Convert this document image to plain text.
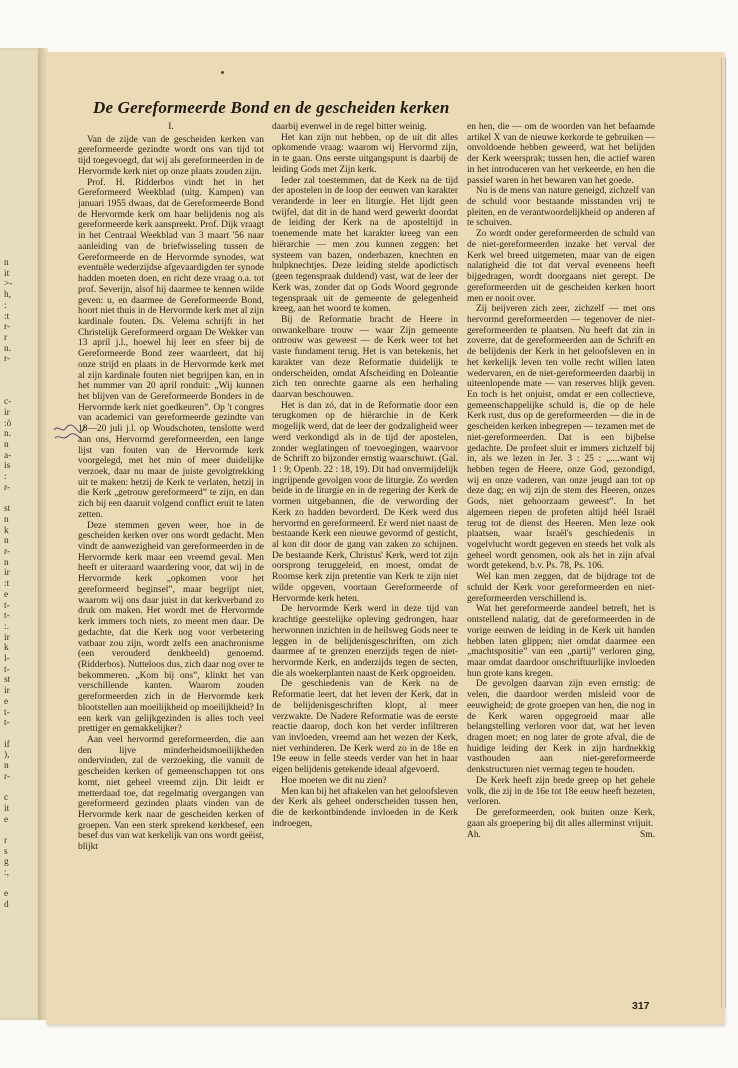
n
it
>-
h,
:
:t
r-
r
n.
r-

c-
ir
:ö
n.
n
a-
is
:
r-

st
n
k
n
r-
n
ir
:t
e
t-
t-
:.
ir
k
l-
t-
st
ir
e
t-
t-

if
),
n
r-

c
it
e

r
s
g
:,

e
d
De Gereformeerde Bond en de gescheiden kerken

I.

Van de zijde van de gescheiden kerken van gereformeerde gezindte wordt ons van tijd tot tijd toegevoegd, dat wij als gereformeerden in de Hervormde kerk niet op onze plaats zouden zijn.

Prof. H. Ridderbos vindt het in het Gereformeerd Weekblad (uitg. Kampen) van januari 1955 dwaas, dat de Gereformeerde Bond de Hervormde kerk om haar belijdenis nog als gereformeerde kerk aanspreekt. Prof. Dijk vraagt in het Centraal Weekblad van 3 maart '56 naar aanleiding van de briefwisseling tussen de Gereformeerde en de Hervormde synodes, wat eventuële wederzijdse afgevaardigden ter synode hadden moeten doen, en richt deze vraag o.a. tot prof. Severijn, alsof hij daarmee te kennen wilde geven: u, en daarmee de Gereformeerde Bond, hoort niet thuis in de Hervormde kerk met al zijn kardinale fouten. Ds. Velema schrijft in het Christelijk Gereformeerd orgaan De Wekker van 13 april j.l., hoewel hij leer en sfeer bij de Gereformeerde Bond zeer waardeert, dat hij onze strijd en plaats in de Hervormde kerk met al zijn kardinale fouten niet begrijpen kan, en in het nummer van 20 april ronduit: „Wij kunnen het blijven van de Gereformeerde Bonders in de Hervormde kerk niet goedkeuren”. Op 't congres van academici van gereformeerde gezindte van 18—20 juli j.l. op Woudschoten, tenslotte werd aan ons, Hervormd gereformeerden, een lange lijst van fouten van de Hervormde kerk voorgelegd, met het min of meer duidelijke verzoek, daar nu maar de juiste gevolgtrekking uit te maken: hetzij de Kerk te verlaten, hetzij in die Kerk „getrouw gereformeerd” te zijn, en dan zich bij een daaruit volgend conflict eruit te laten zetten.

Deze stemmen geven weer, hoe in de gescheiden kerken over ons wordt gedacht. Men vindt de aanwezigheid van gereformeerden in de Hervormde kerk maar een vreemd geval. Men heeft er uiteraard waardering voor, dat wij in de Hervormde kerk „opkomen voor het gereformeerd beginsel”, maar begrijpt niet, waarom wij ons daar juist in dat kerkverband zo druk om maken. Het wordt met de Hervormde kerk immers toch niets, zo meent men daar. De gedachte, dat die Kerk nog voor verbetering vatbaar zou zijn, wordt zelfs een anachronisme (een verouderd denkbeeld) genoemd. (Ridderbos). Nutteloos dus, zich daar nog over te bekommeren. „Kom bij ons”, klinkt het van verschillende kanten. Waarom zouden gereformeerden zich in de Hervormde kerk blootstellen aan moeilijkheid op moeilijkheid? In een kerk van gelijkgezinden is alles toch veel prettiger en gemakkelijker?

Aan veel hervormd gereformeerden, die aan den lijve minderheidsmoeilijkheden ondervinden, zal de verzoeking, die vanuit de gescheiden kerken of gemeenschappen tot ons komt, niet geheel vreemd zijn. Dit leidt er metterdaad toe, dat regelmatig overgangen van gereformeerd gezinden plaats vinden van de Hervormde kerk naar de gescheiden kerken of groepen. Van een sterk sprekend kerkbesef, een besef dus van wat kerkelijk van ons wordt geëist, blijkt

daarbij evenwel in de regel bitter weinig.

Het kan zijn nut hebben, op de uit dit alles opkomende vraag: waarom wij Hervormd zijn, in te gaan. Ons eerste uitgangspunt is daarbij de leiding Gods met Zijn kerk.

Ieder zal toestemmen, dat de Kerk na de tijd der apostelen in de loop der eeuwen van karakter veranderde in leer en liturgie. Het lijdt geen twijfel, dat dit in de hand werd gewerkt doordat de leiding der Kerk na de aposteltijd in toenemende mate het karakter kreeg van een hiërarchie — men zou kunnen zeggen: het systeem van bazen, onderbazen, knechten en hulpknechtjes. Deze leiding stelde apodictisch (geen tegenspraak duldend) vast, wat de leer der Kerk was, zonder dat op Gods Woord gegronde tegenspraak uit de gemeente de gelegenheid kreeg, aan het woord te komen.

Bij de Reformatie bracht de Heere in onwankelbare trouw — waar Zijn gemeente ontrouw was geweest — de Kerk weer tot het vaste fundament terug. Het is van betekenis, het karakter van deze Reformatie duidelijk te onderscheiden, omdat Afscheiding en Doleantie zich ten onrechte gaarne als een herhaling daarvan beschouwen.

Het is dan zó, dat in de Reformatie door een terugkomen op de hiërarchie in de Kerk mogelijk werd, dat de leer der godzaligheid weer werd verkondigd als in de tijd der apostelen, zonder weglatingen of toevoegingen, waarvoor de Schrift zo bijzonder ernstig waarschuwt. (Gal. 1 : 9; Openb. 22 : 18, 19). Dit had onvermijdelijk ingrijpende gevolgen voor de liturgie. Zo werden beide in de liturgie en in de regering der Kerk de vormen uitgebannen, die de verwording der Kerk zo hadden bevorderd. De Kerk werd dus hervormd en gereformeerd. Er werd niet naast de bestaande Kerk een nieuwe gevormd of gesticht, al kon dit door de gang van zaken zo schijnen. De bestaande Kerk, Christus' Kerk, werd tot zijn oorsprong teruggeleid, en moest, omdat de Roomse kerk zijn pretentie van Kerk te zijn niet wilde opgeven, voortaan Gereformeerde of Hervormde kerk heten.

De hervormde Kerk werd in deze tijd van krachtige geestelijke opleving gedrongen, haar herwonnen inzichten in de heilsweg Gods neer te leggen in de belijdenisgeschriften, om zich daarmee af te grenzen enerzijds tegen de niet-hervormde Kerk, en anderzijds tegen de secten, die als woekerplanten naast de Kerk opgroeiden.

De geschiedenis van de Kerk na de Reformatie leert, dat het leven der Kerk, dat in de belijdenisgeschriften klopt, al meer verzwakte. De Nadere Reformatie was de eerste reactie daarop, doch kon het verder infiltreren van invloeden, vreemd aan het wezen der Kerk, niet verhinderen. De Kerk werd zo in de 18e en 19e eeuw in felle steeds verder van het in haar eigen belijdenis getekende ideaal afgevoerd.

Hoe moeten we dit nu zien?

Men kan bij het aftakelen van het geloofsleven der Kerk als geheel onderscheiden tussen hen, die de kerkontbindende invloeden in de Kerk indroegen,

en hen, die — om de woorden van het befaamde artikel X van de nieuwe kerkorde te gebruiken — onvoldoende hebben geweerd, wat het belijden der Kerk weersprak; tussen hen, die actief waren in het introduceren van het verkeerde, en hen die passief waren in het bewaren van het goede.

Nu is de mens van nature geneigd, zichzelf van de schuld voor bestaande misstanden vrij te pleiten, en de verantwoordelijkheid op anderen af te schuiven.

Zo wordt onder gereformeerden de schuld van de niet-gereformeerden inzake het verval der Kerk wel breed uitgemeten, maar van de eigen nalatigheid die tot dat verval eveneens heeft bijgedragen, wordt doorgaans niet gerept. De gereformeerden uit de gescheiden kerken hoort men er nooit over.

Zij beijveren zich zeer, zichzelf — met ons hervormd gereformeerden — tegenover de niet-gereformeerden te plaatsen. Nu heeft dat zin in zoverre, dat de gereformeerden aan de Schrift en de belijdenis der Kerk in het geloofsleven en in het kerkelijk leven ten volle recht willen laten wedervaren, en de niet-gereformeerden daarbij in uiteenlopende mate — van reserves blijk geven. En toch is het onjuist, omdat er een collectieve, gemeenschappelijke schuld is, die op de hele Kerk rust, dus op de gereformeerden — die in de gescheiden kerken inbegrepen — tezamen met de niet-gereformeerden. Dat is een bijbelse gedachte. De profeet sluit er immers zichzelf bij in, als we lezen in Jer. 3 : 25 : „....want wij hebben tegen de Heere, onze God, gezondigd, wij en onze vaderen, van onze jeugd aan tot op deze dag; en wij zijn de stem des Heeren, onzes Gods, niet gehoorzaam geweest”. In het algemeen riepen de profeten altijd héél Israël terug tot de dienst des Heeren. Men leze ook plaatsen, waar Israël's geschiedenis in vogelvlucht wordt gegeven en steeds het volk als geheel wordt genomen, ook als het in zijn afval wordt getekend, b.v. Ps. 78, Ps. 106.

Wel kan men zeggen, dat de bijdrage tot de schuld der Kerk voor gereformeerden en niet-gereformeerden verschillend is.

Wat het gereformeerde aandeel betreft, het is ontstellend nalatig, dat de gereformeerden in de vorige eeuwen de leiding in de Kerk uit handen hebben laten glippen; niet omdat daarmee een „machtspositie” van een „partij” verloren ging, maar omdat daardoor onschriftuurlijke invloeden hun grote kans kregen.

De gevolgen daarvan zijn even ernstig: de velen, die daardoor werden misleid voor de eeuwigheid; de grote groepen van hen, die nog in de Kerk waren opgegroeid maar alle belangstelling verloren voor dat, wat het leven dragen moet; en nog later de grote afval, die de huidige leiding der Kerk in zijn hardnekkig vasthouden aan niet-gereformeerde denkstructuren niet vermag tegen te houden.

De Kerk heeft zijn brede greep op het gehele volk, die zij in de 16e tot 18e eeuw heeft bezeten, verloren.

De gereformeerden, ook buiten onze Kerk, gaan als groepering bij dit alles allerminst vrijuit.

Ah.	Sm.
317
